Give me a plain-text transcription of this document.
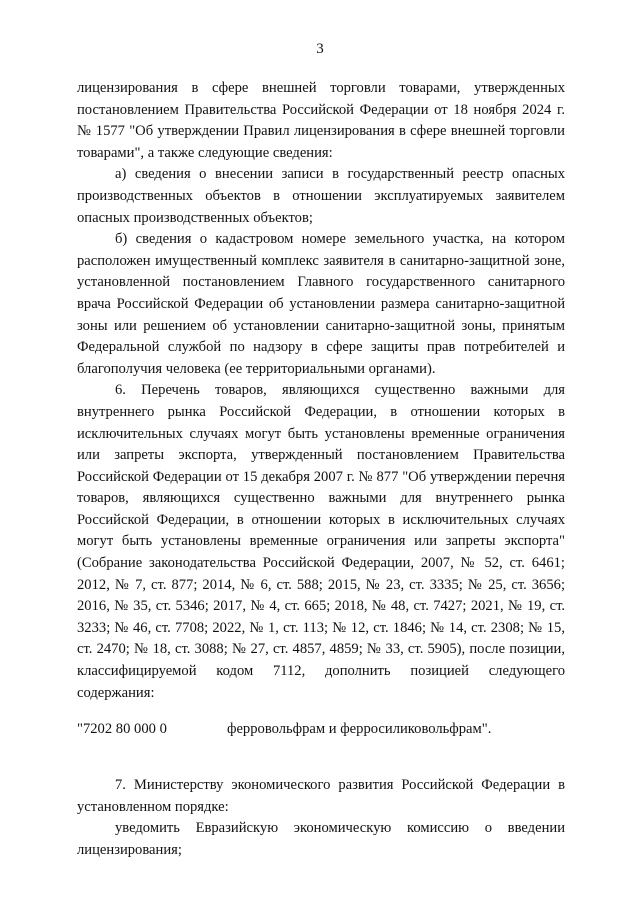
3

лицензирования в сфере внешней торговли товарами, утвержденных постановлением Правительства Российской Федерации от 18 ноября 2024 г. № 1577 "Об утверждении Правил лицензирования в сфере внешней торговли товарами", а также следующие сведения:

а) сведения о внесении записи в государственный реестр опасных производственных объектов в отношении эксплуатируемых заявителем опасных производственных объектов;

б) сведения о кадастровом номере земельного участка, на котором расположен имущественный комплекс заявителя в санитарно-защитной зоне, установленной постановлением Главного государственного санитарного врача Российской Федерации об установлении размера санитарно-защитной зоны или решением об установлении санитарно-защитной зоны, принятым Федеральной службой по надзору в сфере защиты прав потребителей и благополучия человека (ее территориальными органами).

6. Перечень товаров, являющихся существенно важными для внутреннего рынка Российской Федерации, в отношении которых в исключительных случаях могут быть установлены временные ограничения или запреты экспорта, утвержденный постановлением Правительства Российской Федерации от 15 декабря 2007 г. № 877 "Об утверждении перечня товаров, являющихся существенно важными для внутреннего рынка Российской Федерации, в отношении которых в исключительных случаях могут быть установлены временные ограничения или запреты экспорта" (Собрание законодательства Российской Федерации, 2007, № 52, ст. 6461; 2012, № 7, ст. 877; 2014, № 6, ст. 588; 2015, № 23, ст. 3335; № 25, ст. 3656; 2016, № 35, ст. 5346; 2017, № 4, ст. 665; 2018, № 48, ст. 7427; 2021, № 19, ст. 3233; № 46, ст. 7708; 2022, № 1, ст. 113; № 12, ст. 1846; № 14, ст. 2308; № 15, ст. 2470; № 18, ст. 3088; № 27, ст. 4857, 4859; № 33, ст. 5905), после позиции, классифицируемой кодом 7112, дополнить позицией следующего содержания:

"7202 80 000 0	ферровольфрам и ферросиликовольфрам".

7. Министерству экономического развития Российской Федерации в установленном порядке:

уведомить Евразийскую экономическую комиссию о введении лицензирования;
